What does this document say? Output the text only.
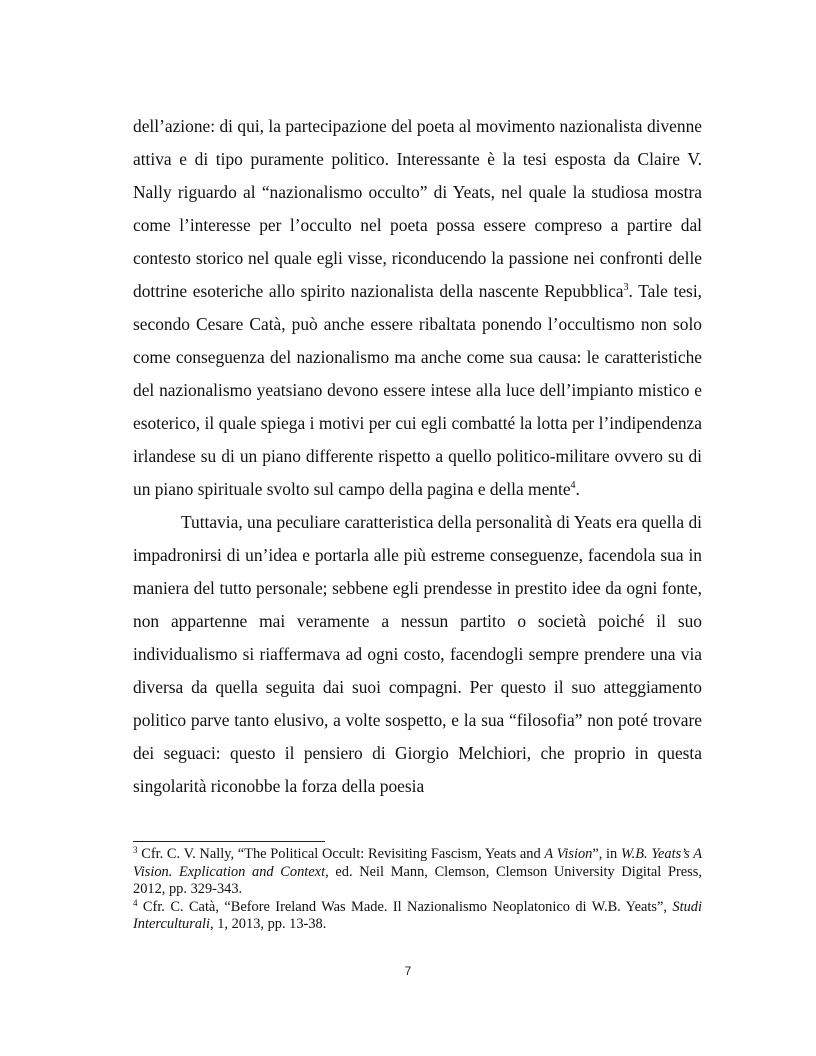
dell’azione: di qui, la partecipazione del poeta al movimento nazionalista divenne attiva e di tipo puramente politico. Interessante è la tesi esposta da Claire V. Nally riguardo al “nazionalismo occulto” di Yeats, nel quale la studiosa mostra come l’interesse per l’occulto nel poeta possa essere compreso a partire dal contesto storico nel quale egli visse, riconducendo la passione nei confronti delle dottrine esoteriche allo spirito nazionalista della nascente Repubblica$^3$. Tale tesi, secondo Cesare Catà, può anche essere ribaltata ponendo l’occultismo non solo come conseguenza del nazionalismo ma anche come sua causa: le caratteristiche del nazionalismo yeatsiano devono essere intese alla luce dell’impianto mistico e esoterico, il quale spiega i motivi per cui egli combatté la lotta per l’indipendenza irlandese su di un piano differente rispetto a quello politico-militare ovvero su di un piano spirituale svolto sul campo della pagina e della mente$^4$.

Tuttavia, una peculiare caratteristica della personalità di Yeats era quella di impadronirsi di un’idea e portarla alle più estreme conseguenze, facendola sua in maniera del tutto personale; sebbene egli prendesse in prestito idee da ogni fonte, non appartenne mai veramente a nessun partito o società poiché il suo individualismo si riaffermava ad ogni costo, facendogli sempre prendere una via diversa da quella seguita dai suoi compagni. Per questo il suo atteggiamento politico parve tanto elusivo, a volte sospetto, e la sua “filosofia” non poté trovare dei seguaci: questo il pensiero di Giorgio Melchiori, che proprio in questa singolarità riconobbe la forza della poesia

$^3$ Cfr. C. V. Nally, “The Political Occult: Revisiting Fascism, Yeats and A Vision”, in W.B. Yeats’s A Vision. Explication and Context, ed. Neil Mann, Clemson, Clemson University Digital Press, 2012, pp. 329-343.

$^4$ Cfr. C. Catà, “Before Ireland Was Made. Il Nazionalismo Neoplatonico di W.B. Yeats”, Studi Interculturali, 1, 2013, pp. 13-38.

7
